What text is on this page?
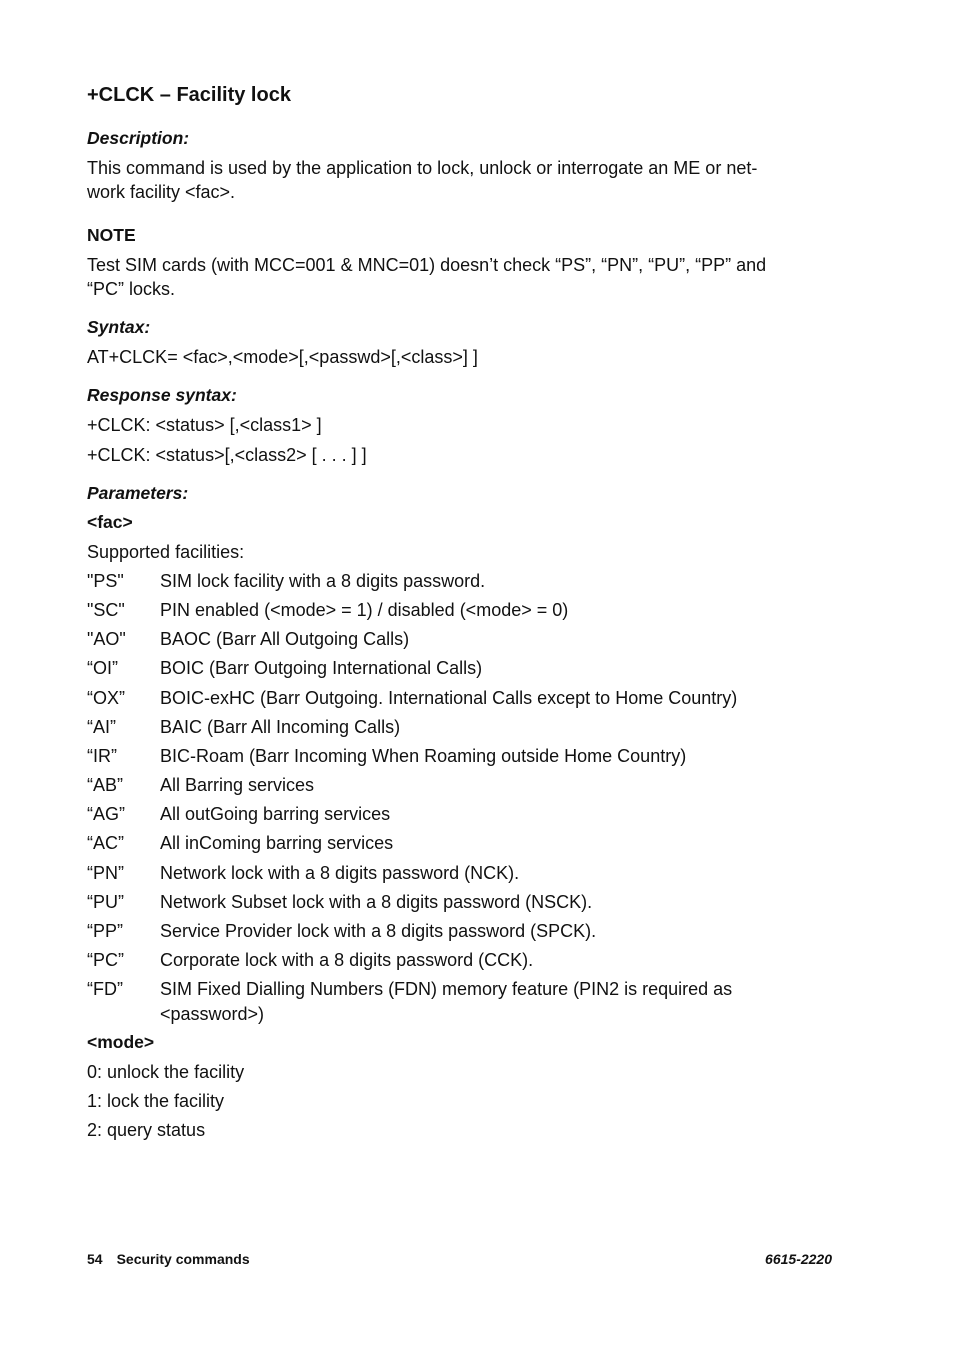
+CLCK – Facility lock
Description:
This command is used by the application to lock, unlock or interrogate an ME or net-
work facility <fac>.
NOTE
Test SIM cards (with MCC=001 & MNC=01) doesn’t check “PS”, “PN”, “PU”, “PP” and
“PC” locks.
Syntax:
AT+CLCK= <fac>,<mode>[,<passwd>[,<class>] ]
Response syntax:
+CLCK: <status> [,<class1> ]
+CLCK: <status>[,<class2> [ . . . ] ]
Parameters:
<fac>
Supported facilities:
"PS" SIM lock facility with a 8 digits password.
"SC" PIN enabled (<mode> = 1) / disabled (<mode> = 0)
"AO" BAOC (Barr All Outgoing Calls)
“OI” BOIC (Barr Outgoing International Calls)
“OX” BOIC-exHC (Barr Outgoing. International Calls except to Home Country)
“AI” BAIC (Barr All Incoming Calls)
“IR” BIC-Roam (Barr Incoming When Roaming outside Home Country)
“AB” All Barring services
“AG” All outGoing barring services
“AC” All inComing barring services
“PN” Network lock with a 8 digits password (NCK).
“PU” Network Subset lock with a 8 digits password (NSCK).
“PP” Service Provider lock with a 8 digits password (SPCK).
“PC” Corporate lock with a 8 digits password (CCK).
“FD” SIM Fixed Dialling Numbers (FDN) memory feature (PIN2 is required as <password>)
<mode>
0: unlock the facility
1: lock the facility
2: query status
54 Security commands	6615-2220
